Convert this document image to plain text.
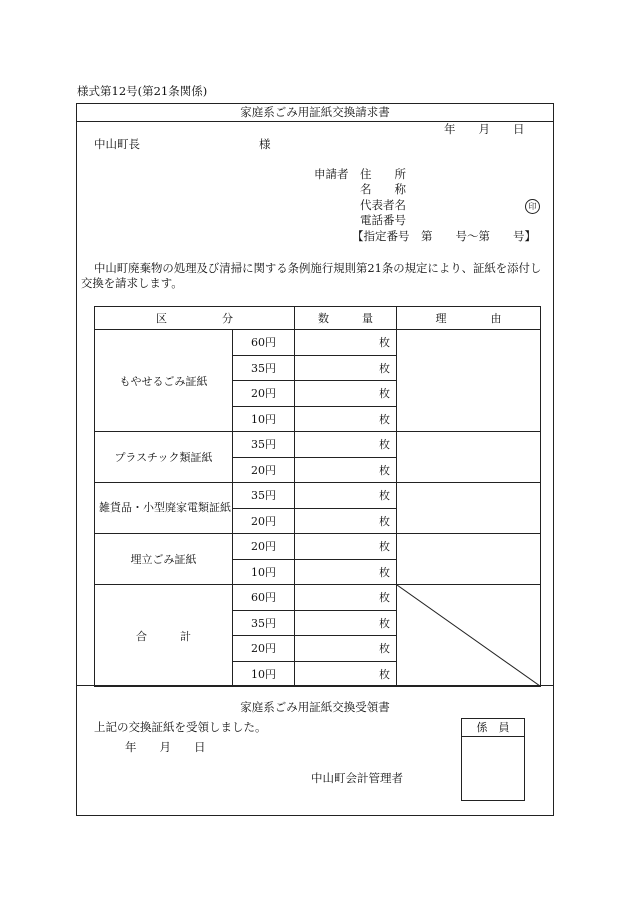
様式第12号(第21条関係)
家庭系ごみ用証紙交換請求書
年　　月　　日
中山町長	様
申請者 住　　所
名　　称
代表者名	印
電話番号
【指定番号　第　　号〜第　　号】
中山町廃棄物の処理及び清掃に関する条例施行規則第21条の規定により、証紙を添付し
交換を請求します。
区　　　　　分		数　　　量	理　　　　由
もやせるごみ証紙	60円	枚	
	35円	枚	
	20円	枚	
	10円	枚	
プラスチック類証紙	35円	枚	
	20円	枚	
雑貨品・小型廃家電類証紙	35円	枚	
	20円	枚	
埋立ごみ証紙	20円	枚	
	10円	枚	
合　　　計	60円	枚	

	35円	枚	
	20円	枚	
	10円	枚	
家庭系ごみ用証紙交換受領書
上記の交換証紙を受領しました。
年　　月　　日
中山町会計管理者
係　員
